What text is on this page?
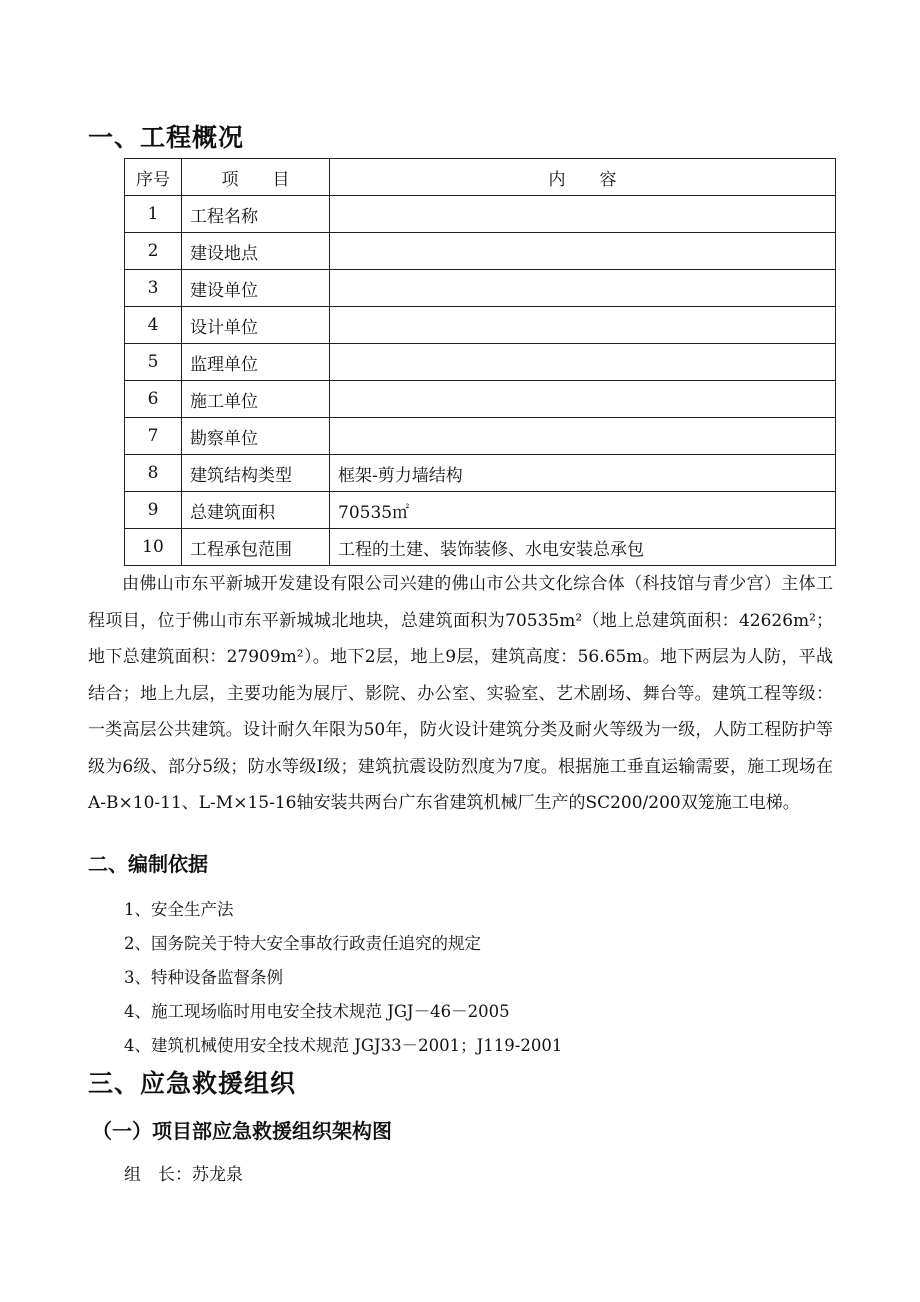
一、工程概况
序号	项　　目	内　　容
1	工程名称	
2	建设地点	
3	建设单位	
4	设计单位	
5	监理单位	
6	施工单位	
7	勘察单位	
8	建筑结构类型	框架-剪力墙结构
9	总建筑面积	70535㎡
10	工程承包范围	工程的土建、装饰装修、水电安装总承包

由佛山市东平新城开发建设有限公司兴建的佛山市公共文化综合体（科技馆与青少宫）主体工程项目，位于佛山市东平新城城北地块，总建筑面积为70535m²（地上总建筑面积：42626m²；地下总建筑面积：27909m²）。地下2层，地上9层，建筑高度：56.65m。地下两层为人防，平战结合；地上九层，主要功能为展厅、影院、办公室、实验室、艺术剧场、舞台等。建筑工程等级：一类高层公共建筑。设计耐久年限为50年，防火设计建筑分类及耐火等级为一级，人防工程防护等级为6级、部分5级；防水等级I级；建筑抗震设防烈度为7度。根据施工垂直运输需要，施工现场在A-B×10-11、L-M×15-16轴安装共两台广东省建筑机械厂生产的SC200/200双笼施工电梯。

二、编制依据

1、安全生产法

2、国务院关于特大安全事故行政责任追究的规定

3、特种设备监督条例

4、施工现场临时用电安全技术规范 JGJ－46－2005

4、建筑机械使用安全技术规范 JGJ33－2001；J119-2001

三、应急救援组织
（一）项目部应急救援组织架构图

组　长：苏龙泉
